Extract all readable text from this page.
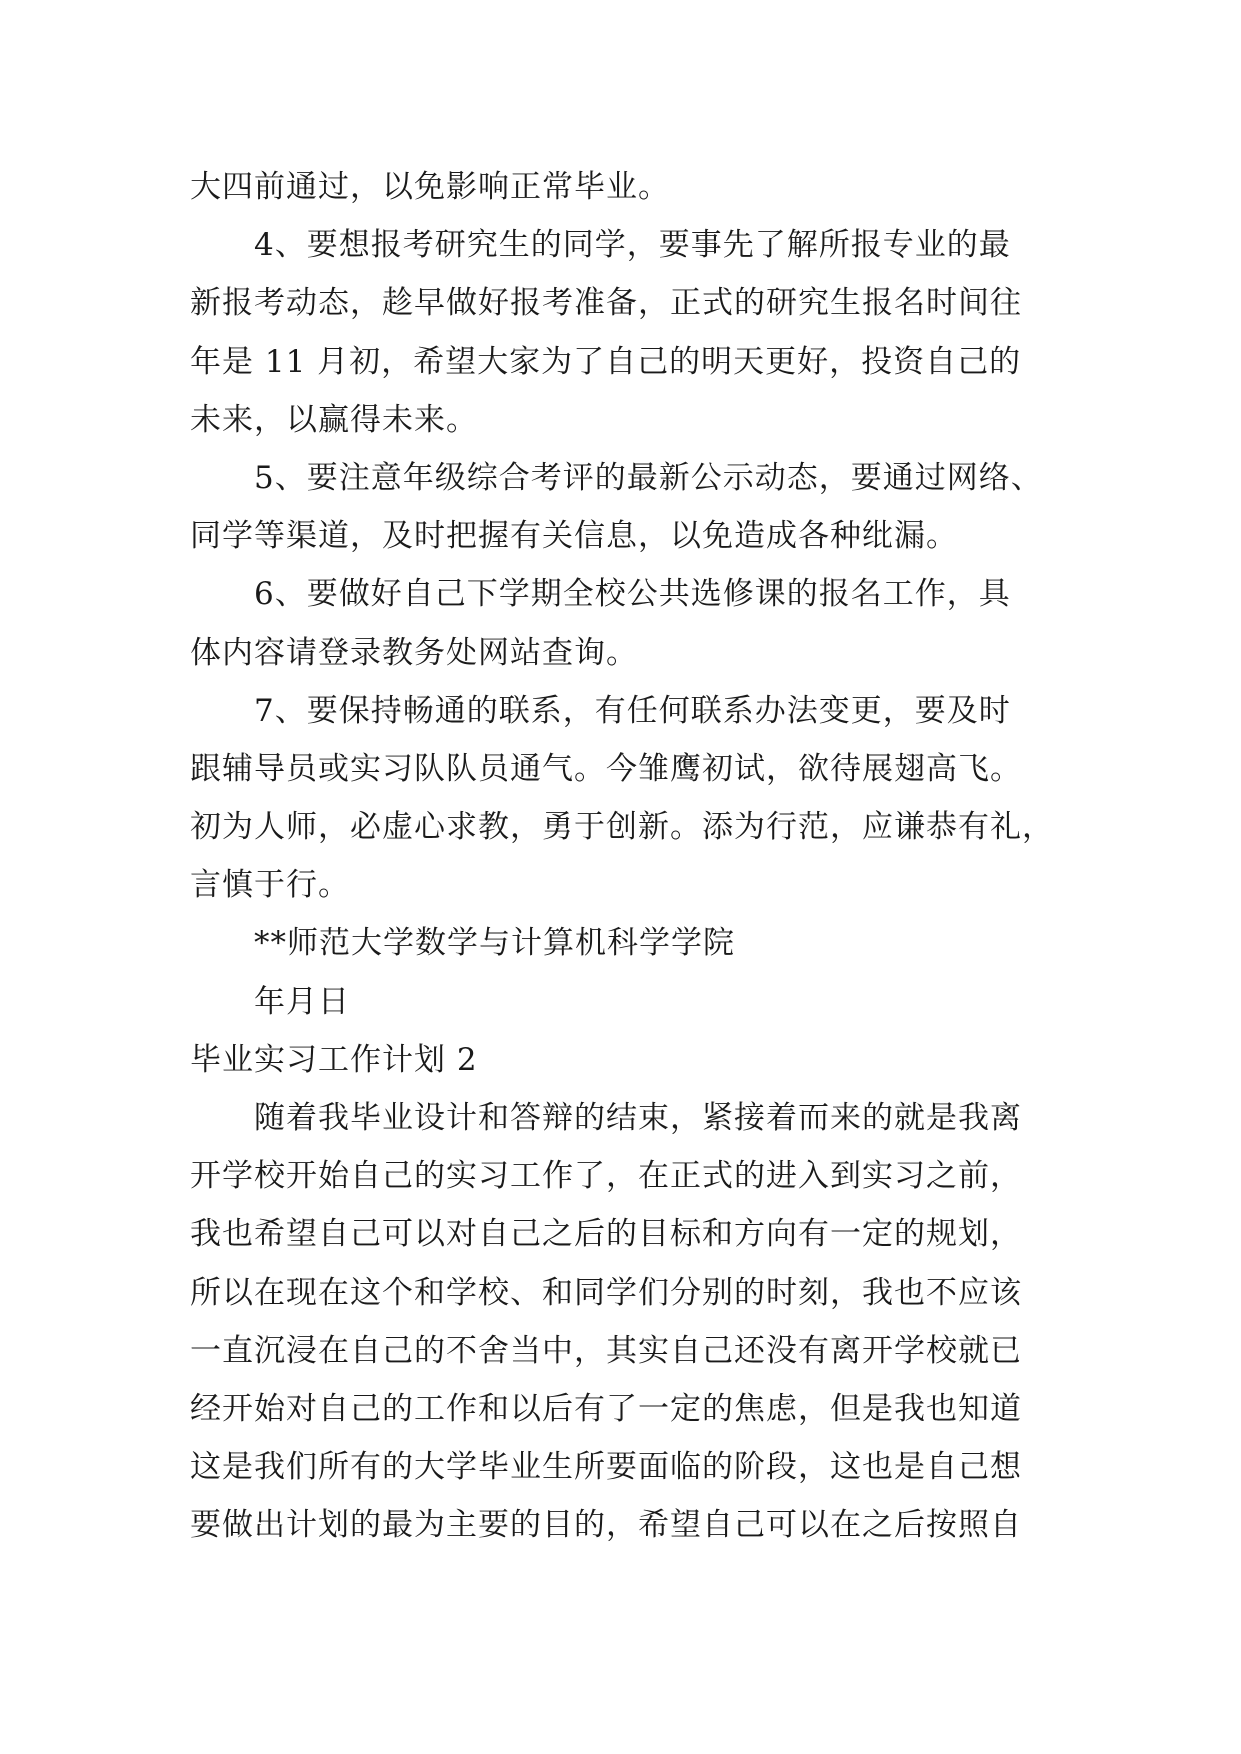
大四前通过，以免影响正常毕业。
4、要想报考研究生的同学，要事先了解所报专业的最
新报考动态，趁早做好报考准备，正式的研究生报名时间往
年是 11 月初，希望大家为了自己的明天更好，投资自己的
未来，以赢得未来。
5、要注意年级综合考评的最新公示动态，要通过网络、
同学等渠道，及时把握有关信息，以免造成各种纰漏。
6、要做好自己下学期全校公共选修课的报名工作，具
体内容请登录教务处网站查询。
7、要保持畅通的联系，有任何联系办法变更，要及时
跟辅导员或实习队队员通气。今雏鹰初试，欲待展翅高飞。
初为人师，必虚心求教，勇于创新。添为行范，应谦恭有礼，
言慎于行。
**师范大学数学与计算机科学学院
年月日
毕业实习工作计划 2
随着我毕业设计和答辩的结束，紧接着而来的就是我离
开学校开始自己的实习工作了，在正式的进入到实习之前，
我也希望自己可以对自己之后的目标和方向有一定的规划，
所以在现在这个和学校、和同学们分别的时刻，我也不应该
一直沉浸在自己的不舍当中，其实自己还没有离开学校就已
经开始对自己的工作和以后有了一定的焦虑，但是我也知道
这是我们所有的大学毕业生所要面临的阶段，这也是自己想
要做出计划的最为主要的目的，希望自己可以在之后按照自
